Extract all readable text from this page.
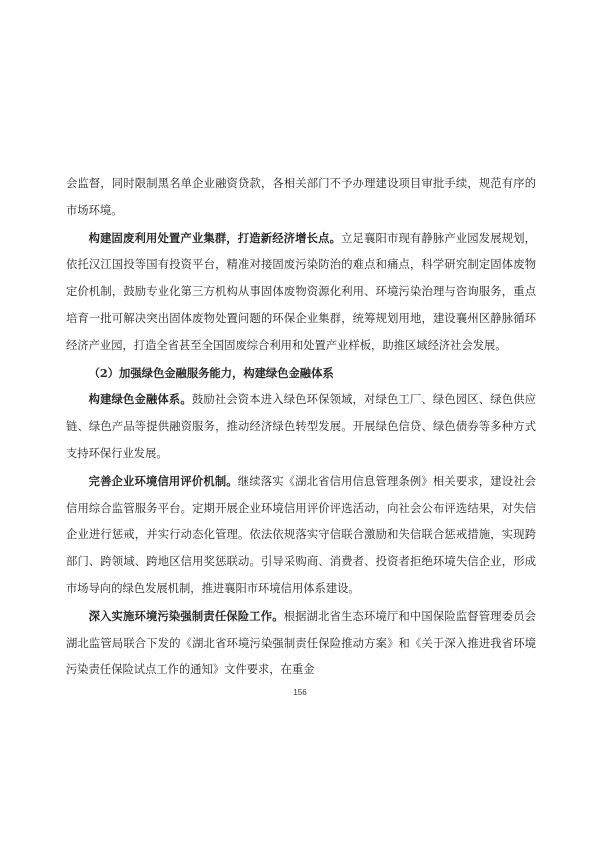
会监督，同时限制黑名单企业融资贷款，各相关部门不予办理建设项目审批手续，规范有序的市场环境。

构建固废利用处置产业集群，打造新经济增长点。立足襄阳市现有静脉产业园发展规划，依托汉江国投等国有投资平台，精准对接固废污染防治的难点和痛点，科学研究制定固体废物定价机制，鼓励专业化第三方机构从事固体废物资源化利用、环境污染治理与咨询服务，重点培育一批可解决突出固体废物处置问题的环保企业集群，统筹规划用地，建设襄州区静脉循环经济产业园，打造全省甚至全国固废综合利用和处置产业样板，助推区域经济社会发展。

（2）加强绿色金融服务能力，构建绿色金融体系

构建绿色金融体系。鼓励社会资本进入绿色环保领域，对绿色工厂、绿色园区、绿色供应链、绿色产品等提供融资服务，推动经济绿色转型发展。开展绿色信贷、绿色债券等多种方式支持环保行业发展。

完善企业环境信用评价机制。继续落实《湖北省信用信息管理条例》相关要求，建设社会信用综合监管服务平台。定期开展企业环境信用评价评选活动，向社会公布评选结果，对失信企业进行惩戒，并实行动态化管理。依法依规落实守信联合激励和失信联合惩戒措施，实现跨部门、跨领域、跨地区信用奖惩联动。引导采购商、消费者、投资者拒绝环境失信企业，形成市场导向的绿色发展机制，推进襄阳市环境信用体系建设。

深入实施环境污染强制责任保险工作。根据湖北省生态环境厅和中国保险监督管理委员会湖北监管局联合下发的《湖北省环境污染强制责任保险推动方案》和《关于深入推进我省环境污染责任保险试点工作的通知》文件要求，在重金

156
